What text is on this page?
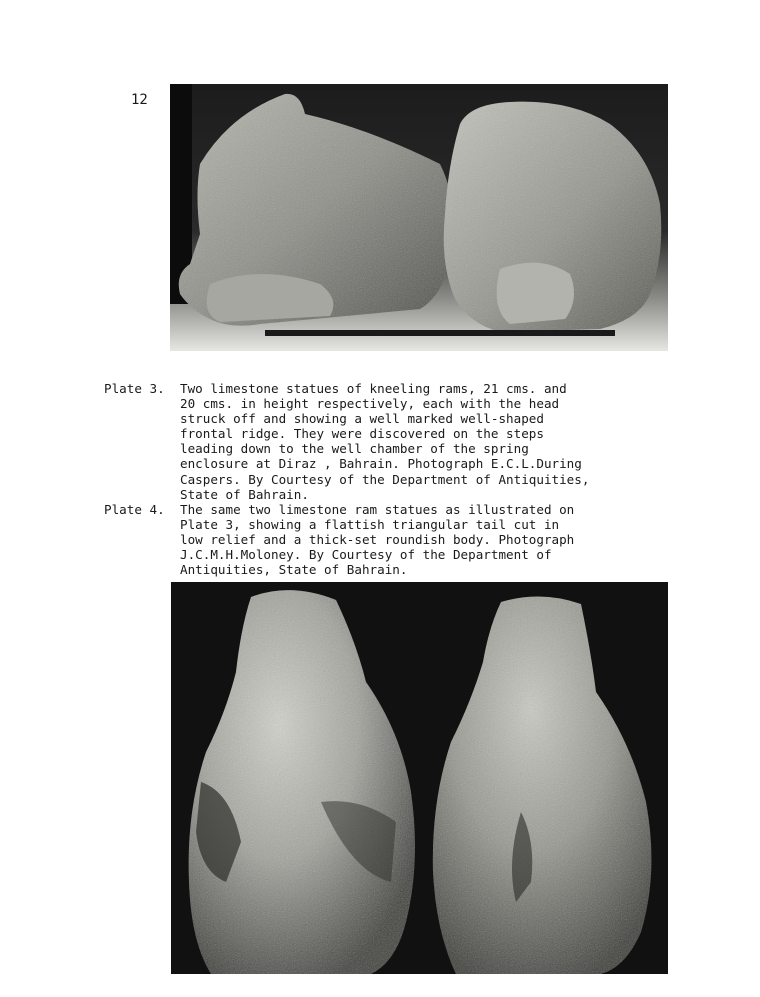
12
Plate 3.	Two limestone statues of kneeling rams, 21 cms. and
20 cms. in height respectively, each with the head
struck off and showing a well marked well-shaped
frontal ridge. They were discovered on the steps
leading down to the well chamber of the spring
enclosure at Diraz , Bahrain. Photograph E.C.L.During
Caspers. By Courtesy of the Department of Antiquities,
State of Bahrain.
Plate 4.	The same two limestone ram statues as illustrated on
Plate 3, showing a flattish triangular tail cut in
low relief and a thick-set roundish body. Photograph
J.C.M.H.Moloney. By Courtesy of the Department of
Antiquities, State of Bahrain.
